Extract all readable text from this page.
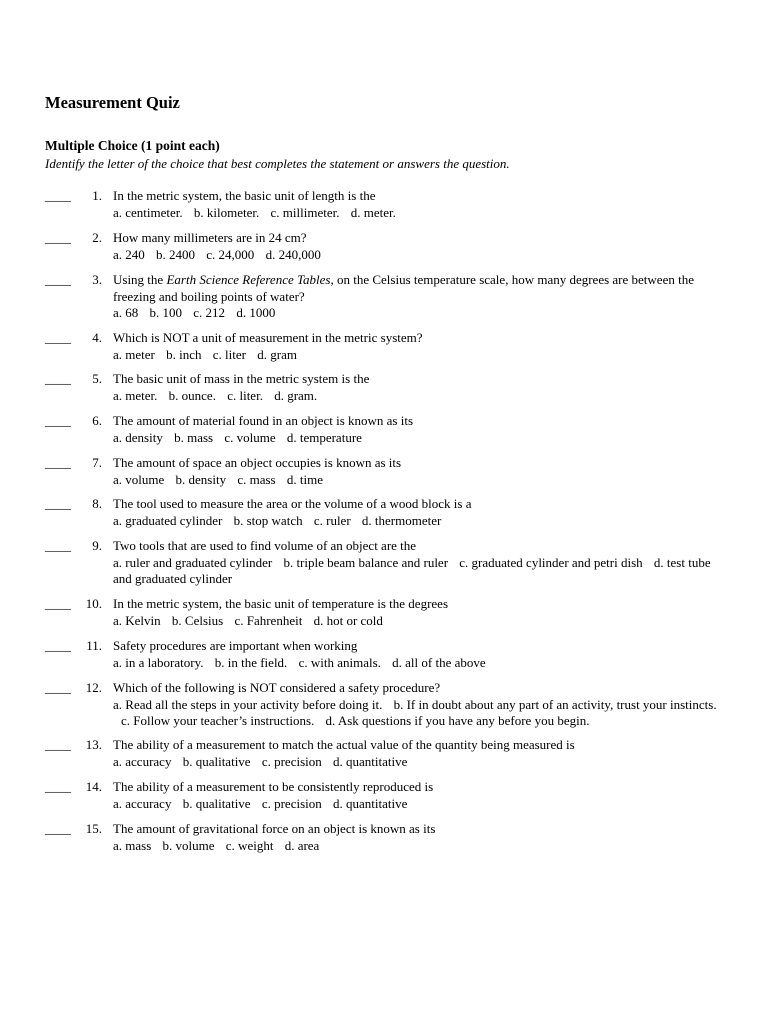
Measurement Quiz
Multiple Choice (1 point each)

Identify the letter of the choice that best completes the statement or answers the question.

____	1. In the metric system, the basic unit of length is the
a. centimeter. b. kilometer. c. millimeter. d. meter.
____	2. How many millimeters are in 24 cm?
a. 240 b. 2400 c. 24,000 d. 240,000
____	3. Using the Earth Science Reference Tables, on the Celsius temperature scale, how many degrees are between the freezing and boiling points of water?
a. 68 b. 100 c. 212 d. 1000
____	4. Which is NOT a unit of measurement in the metric system?
a. meter b. inch c. liter d. gram
____	5. The basic unit of mass in the metric system is the
a. meter. b. ounce. c. liter. d. gram.
____	6. The amount of material found in an object is known as its
a. density b. mass c. volume d. temperature
____	7. The amount of space an object occupies is known as its
a. volume b. density c. mass d. time
____	8. The tool used to measure the area or the volume of a wood block is a
a. graduated cylinder b. stop watch c. ruler d. thermometer
____	9. Two tools that are used to find volume of an object are the
a. ruler and graduated cylinder b. triple beam balance and ruler c. graduated cylinder and petri dish d. test tube and graduated cylinder
____	10. In the metric system, the basic unit of temperature is the degrees
a. Kelvin b. Celsius c. Fahrenheit d. hot or cold
____	11. Safety procedures are important when working
a. in a laboratory. b. in the field. c. with animals. d. all of the above
____	12. Which of the following is NOT considered a safety procedure?
a. Read all the steps in your activity before doing it. b. If in doubt about any part of an activity, trust your instincts. c. Follow your teacher’s instructions. d. Ask questions if you have any before you begin.
____	13. The ability of a measurement to match the actual value of the quantity being measured is
a. accuracy b. qualitative c. precision d. quantitative
____	14. The ability of a measurement to be consistently reproduced is
a. accuracy b. qualitative c. precision d. quantitative
____	15. The amount of gravitational force on an object is known as its
a. mass b. volume c. weight d. area
